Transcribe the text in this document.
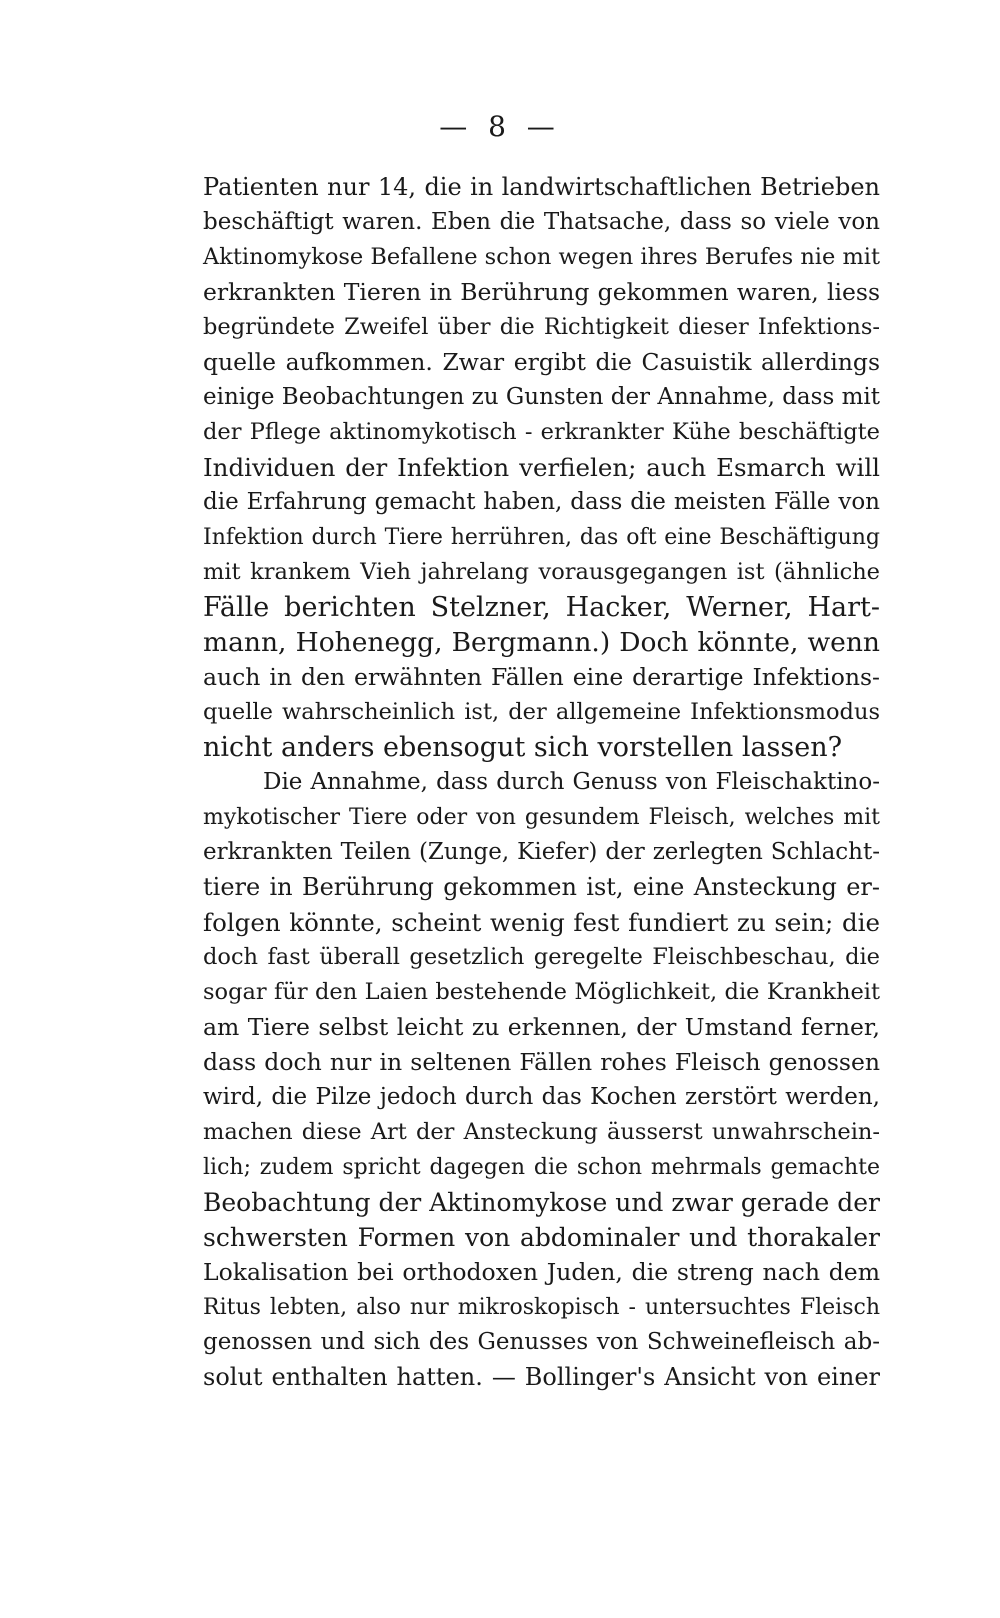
— 8 —
Patienten nur 14, die in landwirtschaftlichen Betrieben
beschäftigt waren. Eben die Thatsache, dass so viele von
Aktinomykose Befallene schon wegen ihres Berufes nie mit
erkrankten Tieren in Berührung gekommen waren, liess
begründete Zweifel über die Richtigkeit dieser Infektions-
quelle aufkommen. Zwar ergibt die Casuistik allerdings
einige Beobachtungen zu Gunsten der Annahme, dass mit
der Pflege aktinomykotisch - erkrankter Kühe beschäftigte
Individuen der Infektion verfielen; auch Esmarch will
die Erfahrung gemacht haben, dass die meisten Fälle von
Infektion durch Tiere herrühren, das oft eine Beschäftigung
mit krankem Vieh jahrelang vorausgegangen ist (ähnliche
Fälle berichten Stelzner, Hacker, Werner, Hart-
mann, Hohenegg, Bergmann.) Doch könnte, wenn
auch in den erwähnten Fällen eine derartige Infektions-
quelle wahrscheinlich ist, der allgemeine Infektionsmodus
nicht anders ebensogut sich vorstellen lassen?
Die Annahme, dass durch Genuss von Fleischaktino-
mykotischer Tiere oder von gesundem Fleisch, welches mit
erkrankten Teilen (Zunge, Kiefer) der zerlegten Schlacht-
tiere in Berührung gekommen ist, eine Ansteckung er-
folgen könnte, scheint wenig fest fundiert zu sein; die
doch fast überall gesetzlich geregelte Fleischbeschau, die
sogar für den Laien bestehende Möglichkeit, die Krankheit
am Tiere selbst leicht zu erkennen, der Umstand ferner,
dass doch nur in seltenen Fällen rohes Fleisch genossen
wird, die Pilze jedoch durch das Kochen zerstört werden,
machen diese Art der Ansteckung äusserst unwahrschein-
lich; zudem spricht dagegen die schon mehrmals gemachte
Beobachtung der Aktinomykose und zwar gerade der
schwersten Formen von abdominaler und thorakaler
Lokalisation bei orthodoxen Juden, die streng nach dem
Ritus lebten, also nur mikroskopisch - untersuchtes Fleisch
genossen und sich des Genusses von Schweinefleisch ab-
solut enthalten hatten. — Bollinger's Ansicht von einer
